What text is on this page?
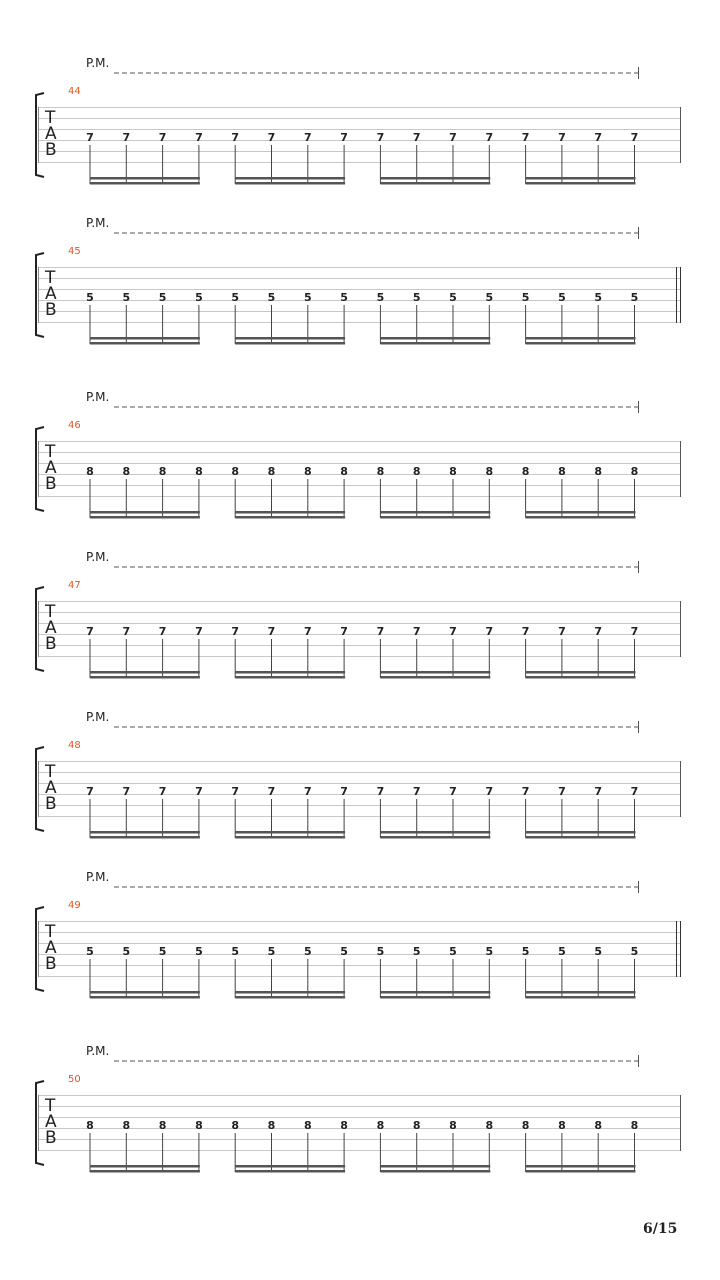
P.M.
44
T
A
B
7	7	7	7	7	7	7	7	7	7	7	7	7	7	7	7
P.M.
45
T
A
B
5	5	5	5	5	5	5	5	5	5	5	5	5	5	5	5
P.M.
46
T
A
B
8	8	8	8	8	8	8	8	8	8	8	8	8	8	8	8
P.M.
47
T
A
B
7	7	7	7	7	7	7	7	7	7	7	7	7	7	7	7
P.M.
48
T
A
B
7	7	7	7	7	7	7	7	7	7	7	7	7	7	7	7
P.M.
49
T
A
B
5	5	5	5	5	5	5	5	5	5	5	5	5	5	5	5
P.M.
50
T
A
B
8	8	8	8	8	8	8	8	8	8	8	8	8	8	8	8
6/15
